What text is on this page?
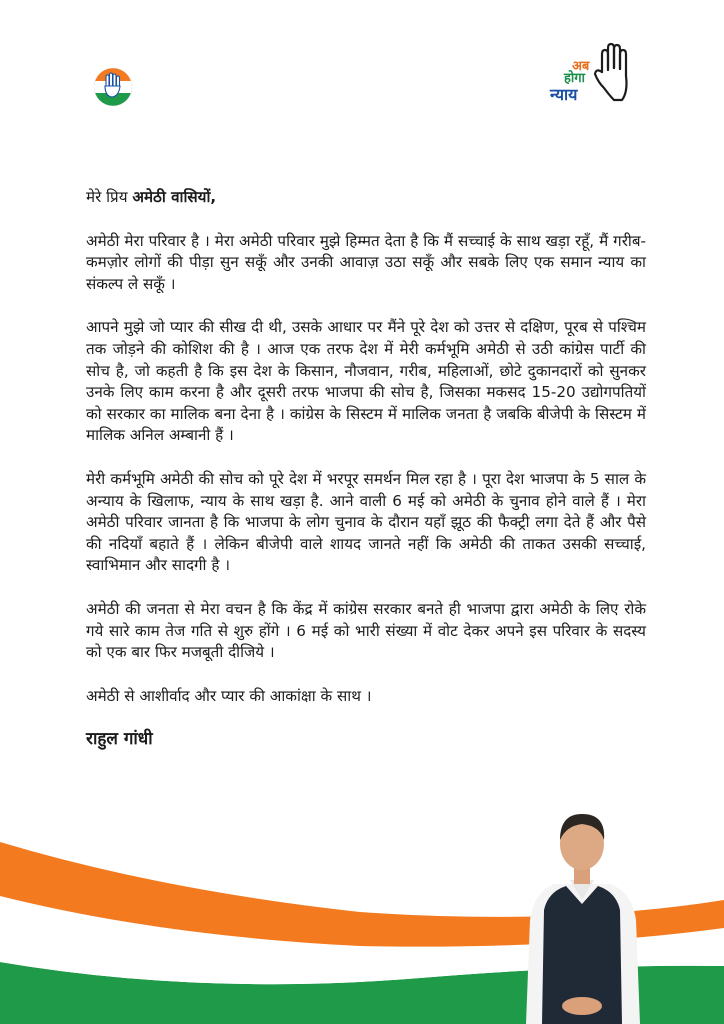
अब
होगा
न्याय

मेरे प्रिय अमेठी वासियों,

अमेठी मेरा परिवार है । मेरा अमेठी परिवार मुझे हिम्मत देता है कि मैं सच्चाई के साथ खड़ा रहूँ, मैं गरीब-कमज़ोर लोगों की पीड़ा सुन सकूँ और उनकी आवाज़ उठा सकूँ और सबके लिए एक समान न्याय का संकल्प ले सकूँ ।

आपने मुझे जो प्यार की सीख दी थी, उसके आधार पर मैंने पूरे देश को उत्तर से दक्षिण, पूरब से पश्चिम तक जोड़ने की कोशिश की है । आज एक तरफ देश में मेरी कर्मभूमि अमेठी से उठी कांग्रेस पार्टी की सोच है, जो कहती है कि इस देश के किसान, नौजवान, गरीब, महिलाओं, छोटे दुकानदारों को सुनकर उनके लिए काम करना है और दूसरी तरफ भाजपा की सोच है, जिसका मकसद 15-20 उद्योगपतियों को सरकार का मालिक बना देना है । कांग्रेस के सिस्टम में मालिक जनता है जबकि बीजेपी के सिस्टम में मालिक अनिल अम्बानी हैं ।

मेरी कर्मभूमि अमेठी की सोच को पूरे देश में भरपूर समर्थन मिल रहा है । पूरा देश भाजपा के 5 साल के अन्याय के खिलाफ, न्याय के साथ खड़ा है. आने वाली 6 मई को अमेठी के चुनाव होने वाले हैं । मेरा अमेठी परिवार जानता है कि भाजपा के लोग चुनाव के दौरान यहाँ झूठ की फैक्ट्री लगा देते हैं और पैसे की नदियाँ बहाते हैं । लेकिन बीजेपी वाले शायद जानते नहीं कि अमेठी की ताकत उसकी सच्चाई, स्वाभिमान और सादगी है ।

अमेठी की जनता से मेरा वचन है कि केंद्र में कांग्रेस सरकार बनते ही भाजपा द्वारा अमेठी के लिए रोके गये सारे काम तेज गति से शुरु होंगे । 6 मई को भारी संख्या में वोट देकर अपने इस परिवार के सदस्य को एक बार फिर मजबूती दीजिये ।

अमेठी से आशीर्वाद और प्यार की आकांक्षा के साथ ।

राहुल गांधी
